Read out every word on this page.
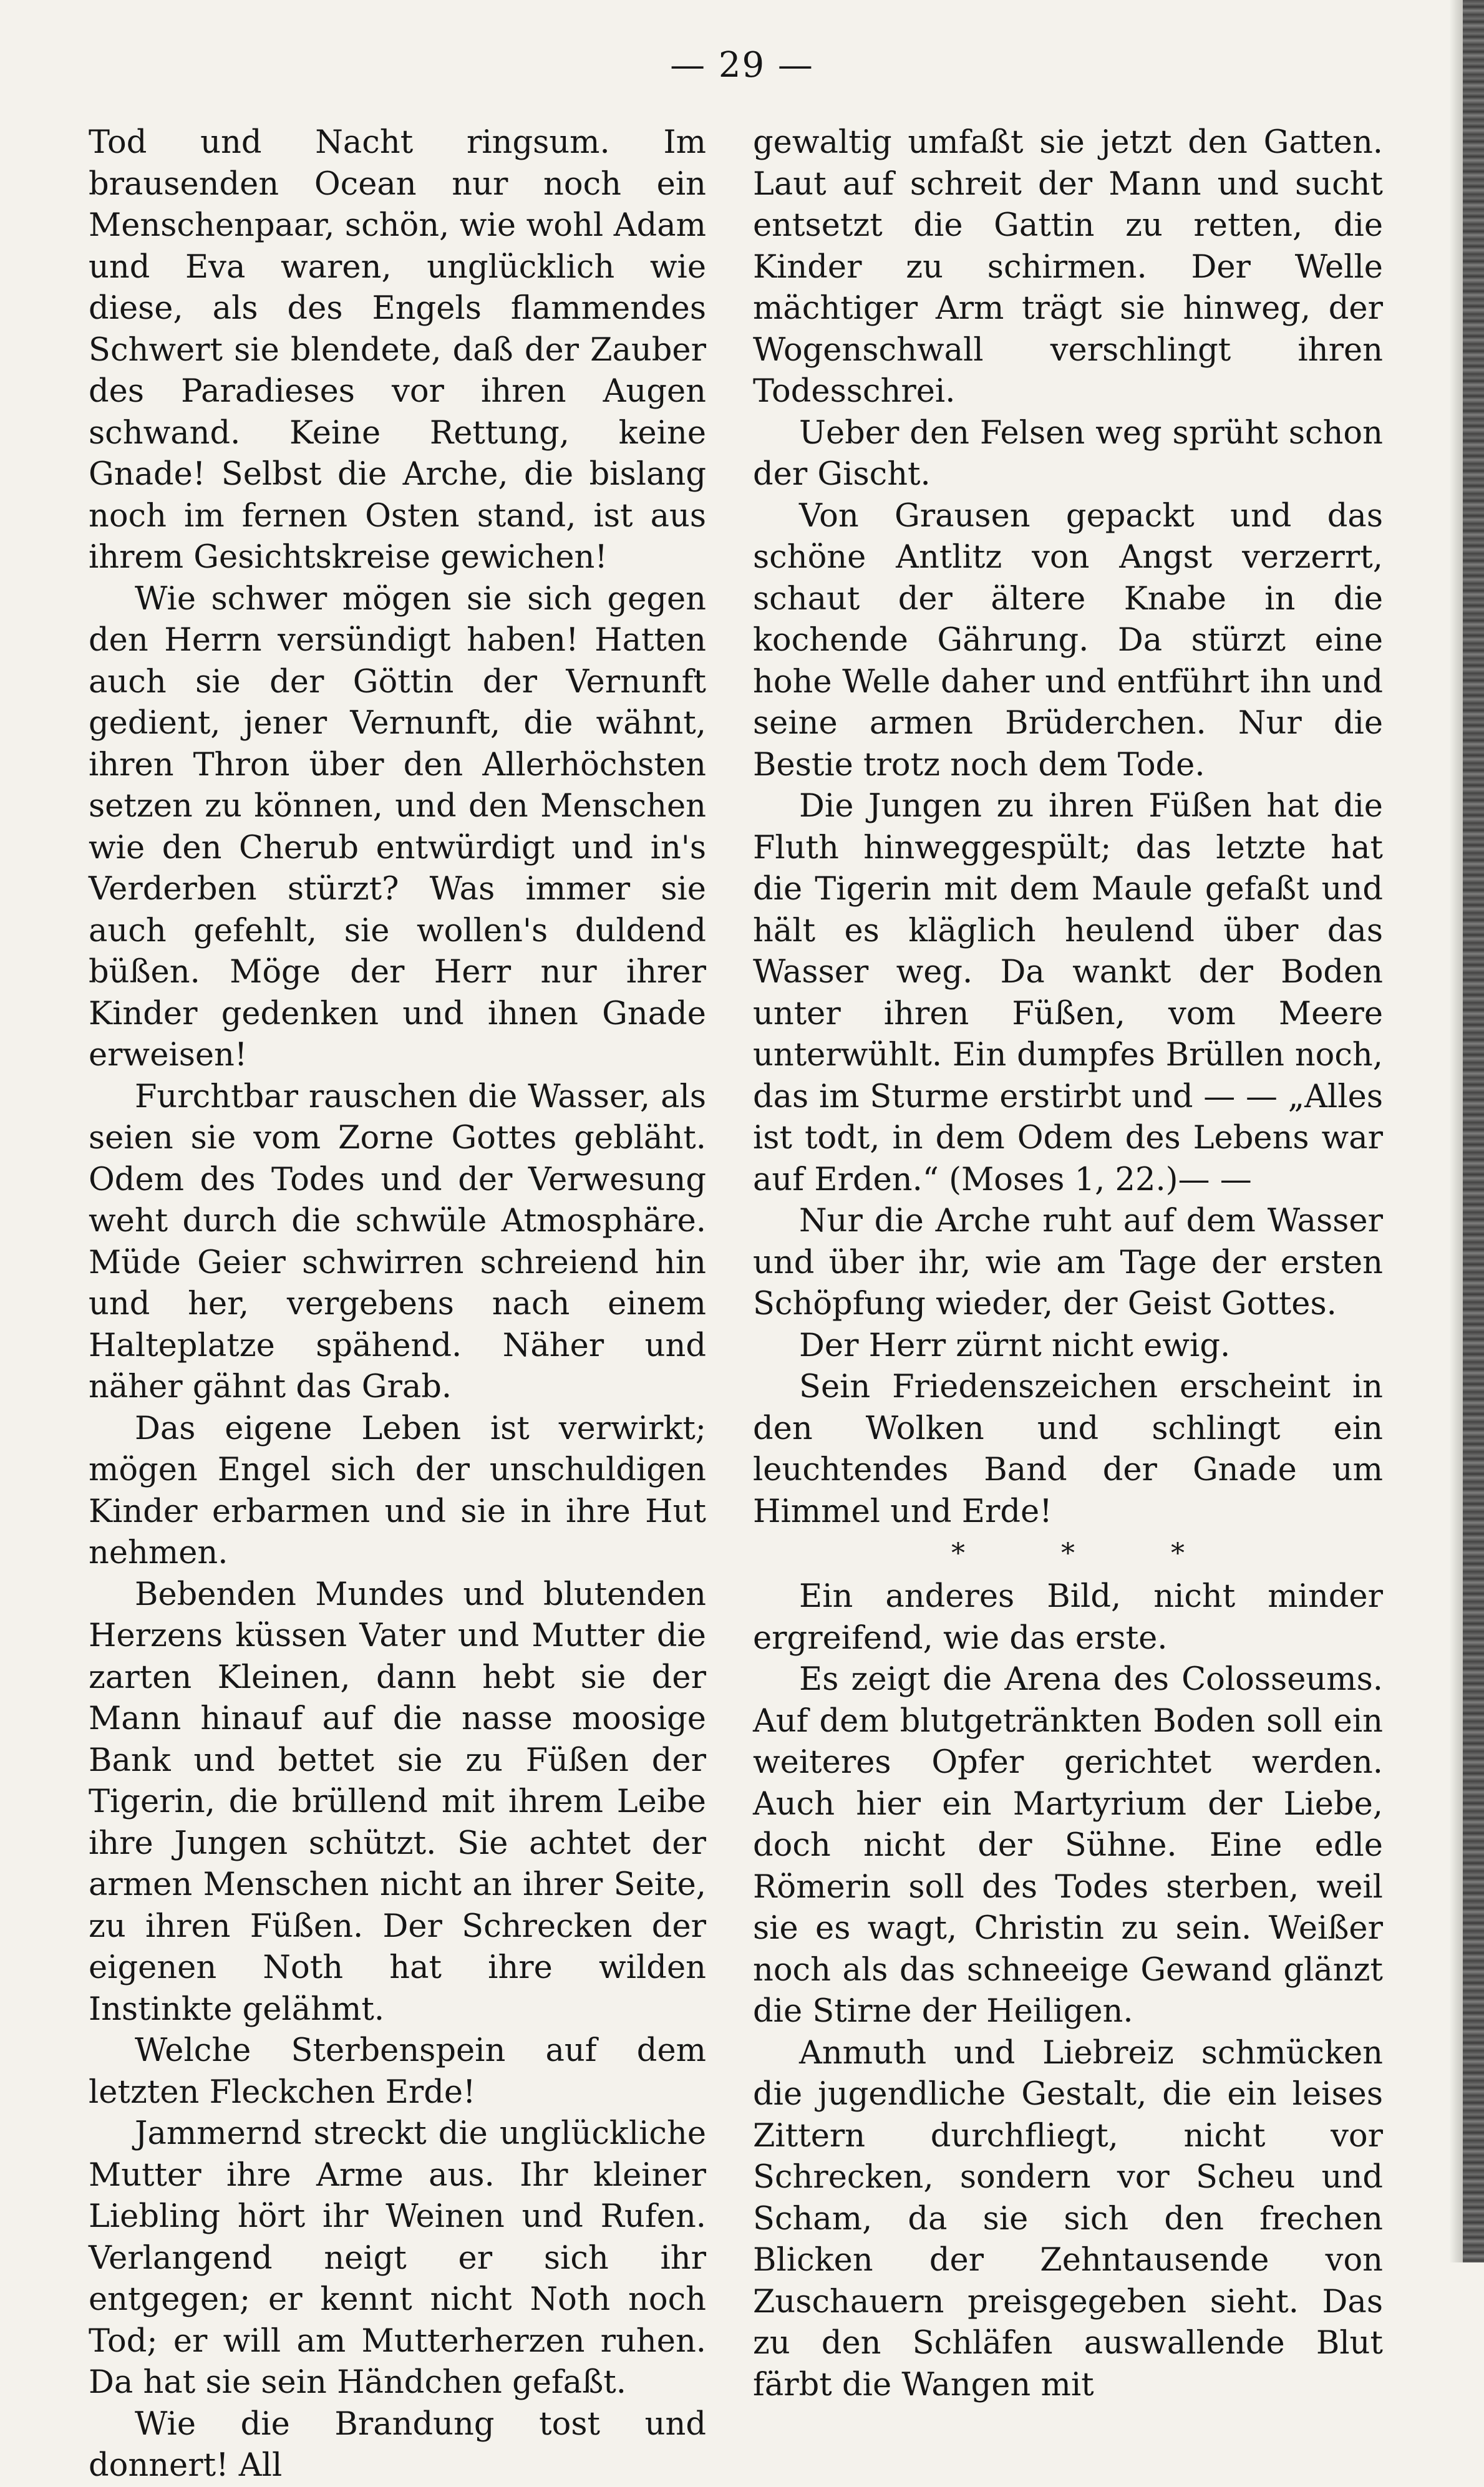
— 29 —

Tod und Nacht ringsum. Im brausenden Ocean nur noch ein Menschenpaar, schön, wie wohl Adam und Eva waren, unglücklich wie diese, als des Engels flammendes Schwert sie blendete, daß der Zauber des Paradieses vor ihren Augen schwand. Keine Rettung, keine Gnade! Selbst die Arche, die bislang noch im fernen Osten stand, ist aus ihrem Gesichtskreise gewichen!

Wie schwer mögen sie sich gegen den Herrn versündigt haben! Hatten auch sie der Göttin der Vernunft gedient, jener Vernunft, die wähnt, ihren Thron über den Allerhöchsten setzen zu können, und den Menschen wie den Cherub entwürdigt und in's Verderben stürzt? Was immer sie auch gefehlt, sie wollen's duldend büßen. Möge der Herr nur ihrer Kinder gedenken und ihnen Gnade erweisen!

Furchtbar rauschen die Wasser, als seien sie vom Zorne Gottes gebläht. Odem des Todes und der Verwesung weht durch die schwüle Atmosphäre. Müde Geier schwirren schreiend hin und her, vergebens nach einem Halteplatze spähend. Näher und näher gähnt das Grab.

Das eigene Leben ist verwirkt; mögen Engel sich der unschuldigen Kinder erbarmen und sie in ihre Hut nehmen.

Bebenden Mundes und blutenden Herzens küssen Vater und Mutter die zarten Kleinen, dann hebt sie der Mann hinauf auf die nasse moosige Bank und bettet sie zu Füßen der Tigerin, die brüllend mit ihrem Leibe ihre Jungen schützt. Sie achtet der armen Menschen nicht an ihrer Seite, zu ihren Füßen. Der Schrecken der eigenen Noth hat ihre wilden Instinkte gelähmt.

Welche Sterbenspein auf dem letzten Fleckchen Erde!

Jammernd streckt die unglückliche Mutter ihre Arme aus. Ihr kleiner Liebling hört ihr Weinen und Rufen. Verlangend neigt er sich ihr entgegen; er kennt nicht Noth noch Tod; er will am Mutterherzen ruhen. Da hat sie sein Händchen gefaßt.

Wie die Brandung tost und donnert! All

gewaltig umfaßt sie jetzt den Gatten. Laut auf schreit der Mann und sucht entsetzt die Gattin zu retten, die Kinder zu schirmen. Der Welle mächtiger Arm trägt sie hinweg, der Wogenschwall verschlingt ihren Todesschrei.

Ueber den Felsen weg sprüht schon der Gischt.

Von Grausen gepackt und das schöne Antlitz von Angst verzerrt, schaut der ältere Knabe in die kochende Gährung. Da stürzt eine hohe Welle daher und entführt ihn und seine armen Brüderchen. Nur die Bestie trotz noch dem Tode.

Die Jungen zu ihren Füßen hat die Fluth hinweggespült; das letzte hat die Tigerin mit dem Maule gefaßt und hält es kläglich heulend über das Wasser weg. Da wankt der Boden unter ihren Füßen, vom Meere unterwühlt. Ein dumpfes Brüllen noch, das im Sturme erstirbt und — — „Alles ist todt, in dem Odem des Lebens war auf Erden.“ (Moses 1, 22.)— —

Nur die Arche ruht auf dem Wasser und über ihr, wie am Tage der ersten Schöpfung wieder, der Geist Gottes.

Der Herr zürnt nicht ewig.

Sein Friedenszeichen erscheint in den Wolken und schlingt ein leuchtendes Band der Gnade um Himmel und Erde!

* * *

Ein anderes Bild, nicht minder ergreifend, wie das erste.

Es zeigt die Arena des Colosseums. Auf dem blutgetränkten Boden soll ein weiteres Opfer gerichtet werden. Auch hier ein Martyrium der Liebe, doch nicht der Sühne. Eine edle Römerin soll des Todes sterben, weil sie es wagt, Christin zu sein. Weißer noch als das schneeige Gewand glänzt die Stirne der Heiligen.

Anmuth und Liebreiz schmücken die jugendliche Gestalt, die ein leises Zittern durchfliegt, nicht vor Schrecken, sondern vor Scheu und Scham, da sie sich den frechen Blicken der Zehntausende von Zuschauern preisgegeben sieht. Das zu den Schläfen auswallende Blut färbt die Wangen mit
